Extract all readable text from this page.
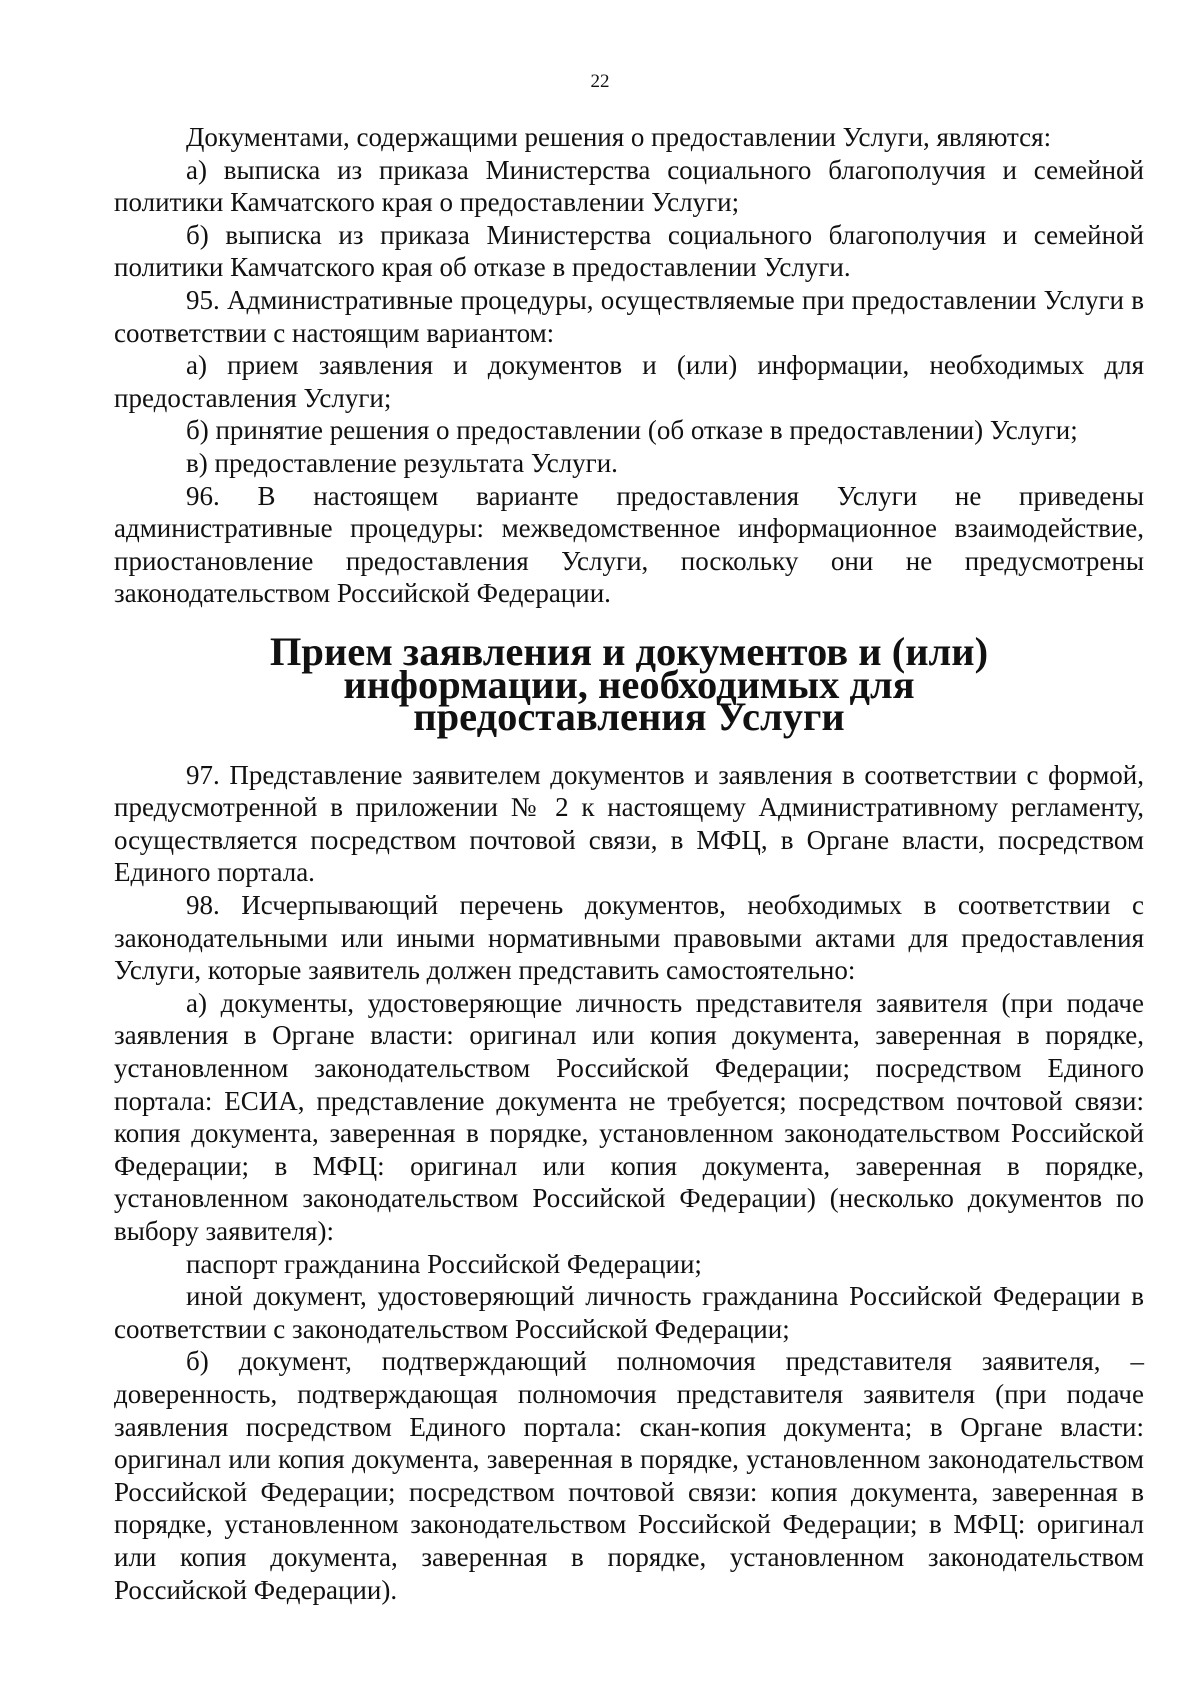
22

Документами, содержащими решения о предоставлении Услуги, являются:

а) выписка из приказа Министерства социального благополучия и семейной политики Камчатского края о предоставлении Услуги;

б) выписка из приказа Министерства социального благополучия и семейной политики Камчатского края об отказе в предоставлении Услуги.

95. Административные процедуры, осуществляемые при предоставлении Услуги в соответствии с настоящим вариантом:

а) прием заявления и документов и (или) информации, необходимых для предоставления Услуги;

б) принятие решения о предоставлении (об отказе в предоставлении) Услуги;

в) предоставление результата Услуги.

96. В настоящем варианте предоставления Услуги не приведены административные процедуры: межведомственное информационное взаимодействие, приостановление предоставления Услуги, поскольку они не предусмотрены законодательством Российской Федерации.

Прием заявления и документов и (или) информации, необходимых для
предоставления Услуги

97. Представление заявителем документов и заявления в соответствии с формой, предусмотренной в приложении № 2 к настоящему Административному регламенту, осуществляется посредством почтовой связи, в МФЦ, в Органе власти, посредством Единого портала.

98. Исчерпывающий перечень документов, необходимых в соответствии с законодательными или иными нормативными правовыми актами для предоставления Услуги, которые заявитель должен представить самостоятельно:

а) документы, удостоверяющие личность представителя заявителя (при подаче заявления в Органе власти: оригинал или копия документа, заверенная в порядке, установленном законодательством Российской Федерации; посредством Единого портала: ЕСИА, представление документа не требуется; посредством почтовой связи: копия документа, заверенная в порядке, установленном законодательством Российской Федерации; в МФЦ: оригинал или копия документа, заверенная в порядке, установленном законодательством Российской Федерации) (несколько документов по выбору заявителя):

паспорт гражданина Российской Федерации;

иной документ, удостоверяющий личность гражданина Российской Федерации в соответствии с законодательством Российской Федерации;

б) документ, подтверждающий полномочия представителя заявителя, – доверенность, подтверждающая полномочия представителя заявителя (при подаче заявления посредством Единого портала: скан-копия документа; в Органе власти: оригинал или копия документа, заверенная в порядке, установленном законодательством Российской Федерации; посредством почтовой связи: копия документа, заверенная в порядке, установленном законодательством Российской Федерации; в МФЦ: оригинал или копия документа, заверенная в порядке, установленном законодательством Российской Федерации).
